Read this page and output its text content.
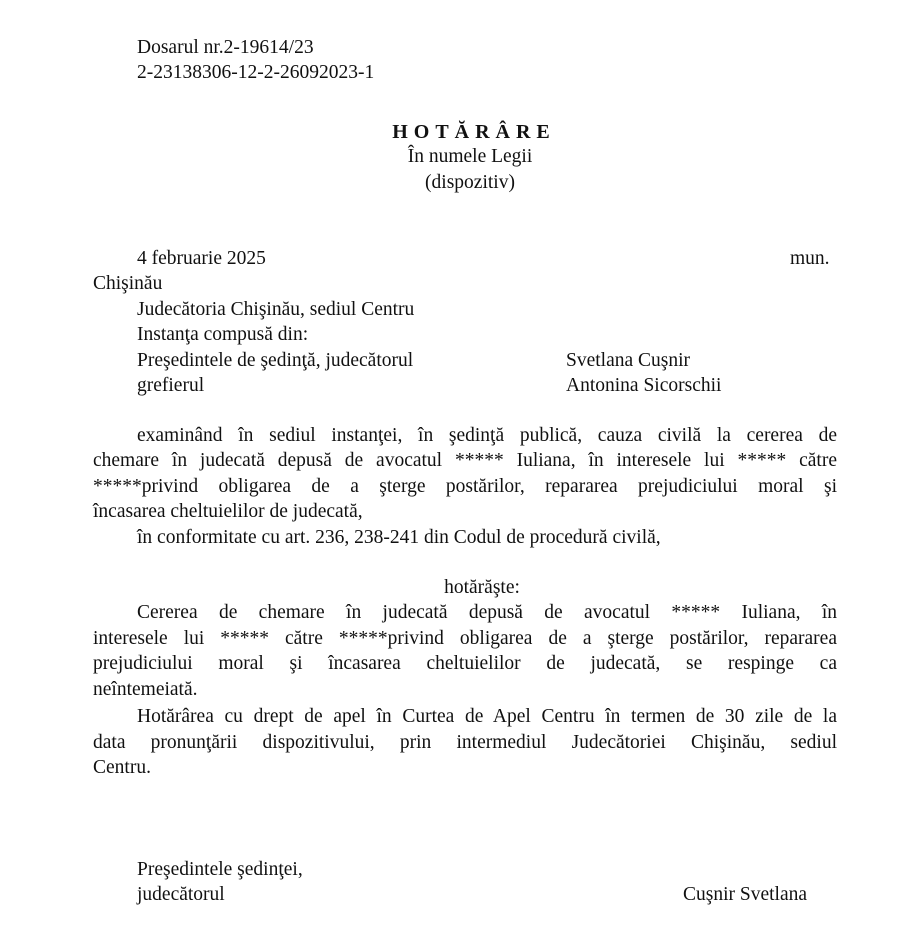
Dosarul nr.2-19614/23
2-23138306-12-2-26092023-1
HOTĂRÂRE
În numele Legii
(dispozitiv)
4 februarie 2025	mun.
Chişinău
Judecătoria Chişinău, sediul Centru
Instanţa compusă din:
Preşedintele de şedinţă, judecătorul	Svetlana Cuşnir
grefierul	Antonina Sicorschii
examinând în sediul instanţei, în şedinţă publică, cauza civilă la cererea de
chemare în judecată depusă de avocatul ***** Iuliana, în interesele lui ***** către
*****privind obligarea de a şterge postărilor, repararea prejudiciului moral şi
încasarea cheltuielilor de judecată,
în conformitate cu art. 236, 238-241 din Codul de procedură civilă,
hotărăşte:
Cererea de chemare în judecată depusă de avocatul ***** Iuliana, în
interesele lui ***** către *****privind obligarea de a şterge postărilor, repararea
prejudiciului moral şi încasarea cheltuielilor de judecată, se respinge ca
neîntemeiată.
Hotărârea cu drept de apel în Curtea de Apel Centru în termen de 30 zile de la
data pronunţării dispozitivului, prin intermediul Judecătoriei Chişinău, sediul
Centru.
Preşedintele şedinţei,
judecătorul	Cuşnir Svetlana
